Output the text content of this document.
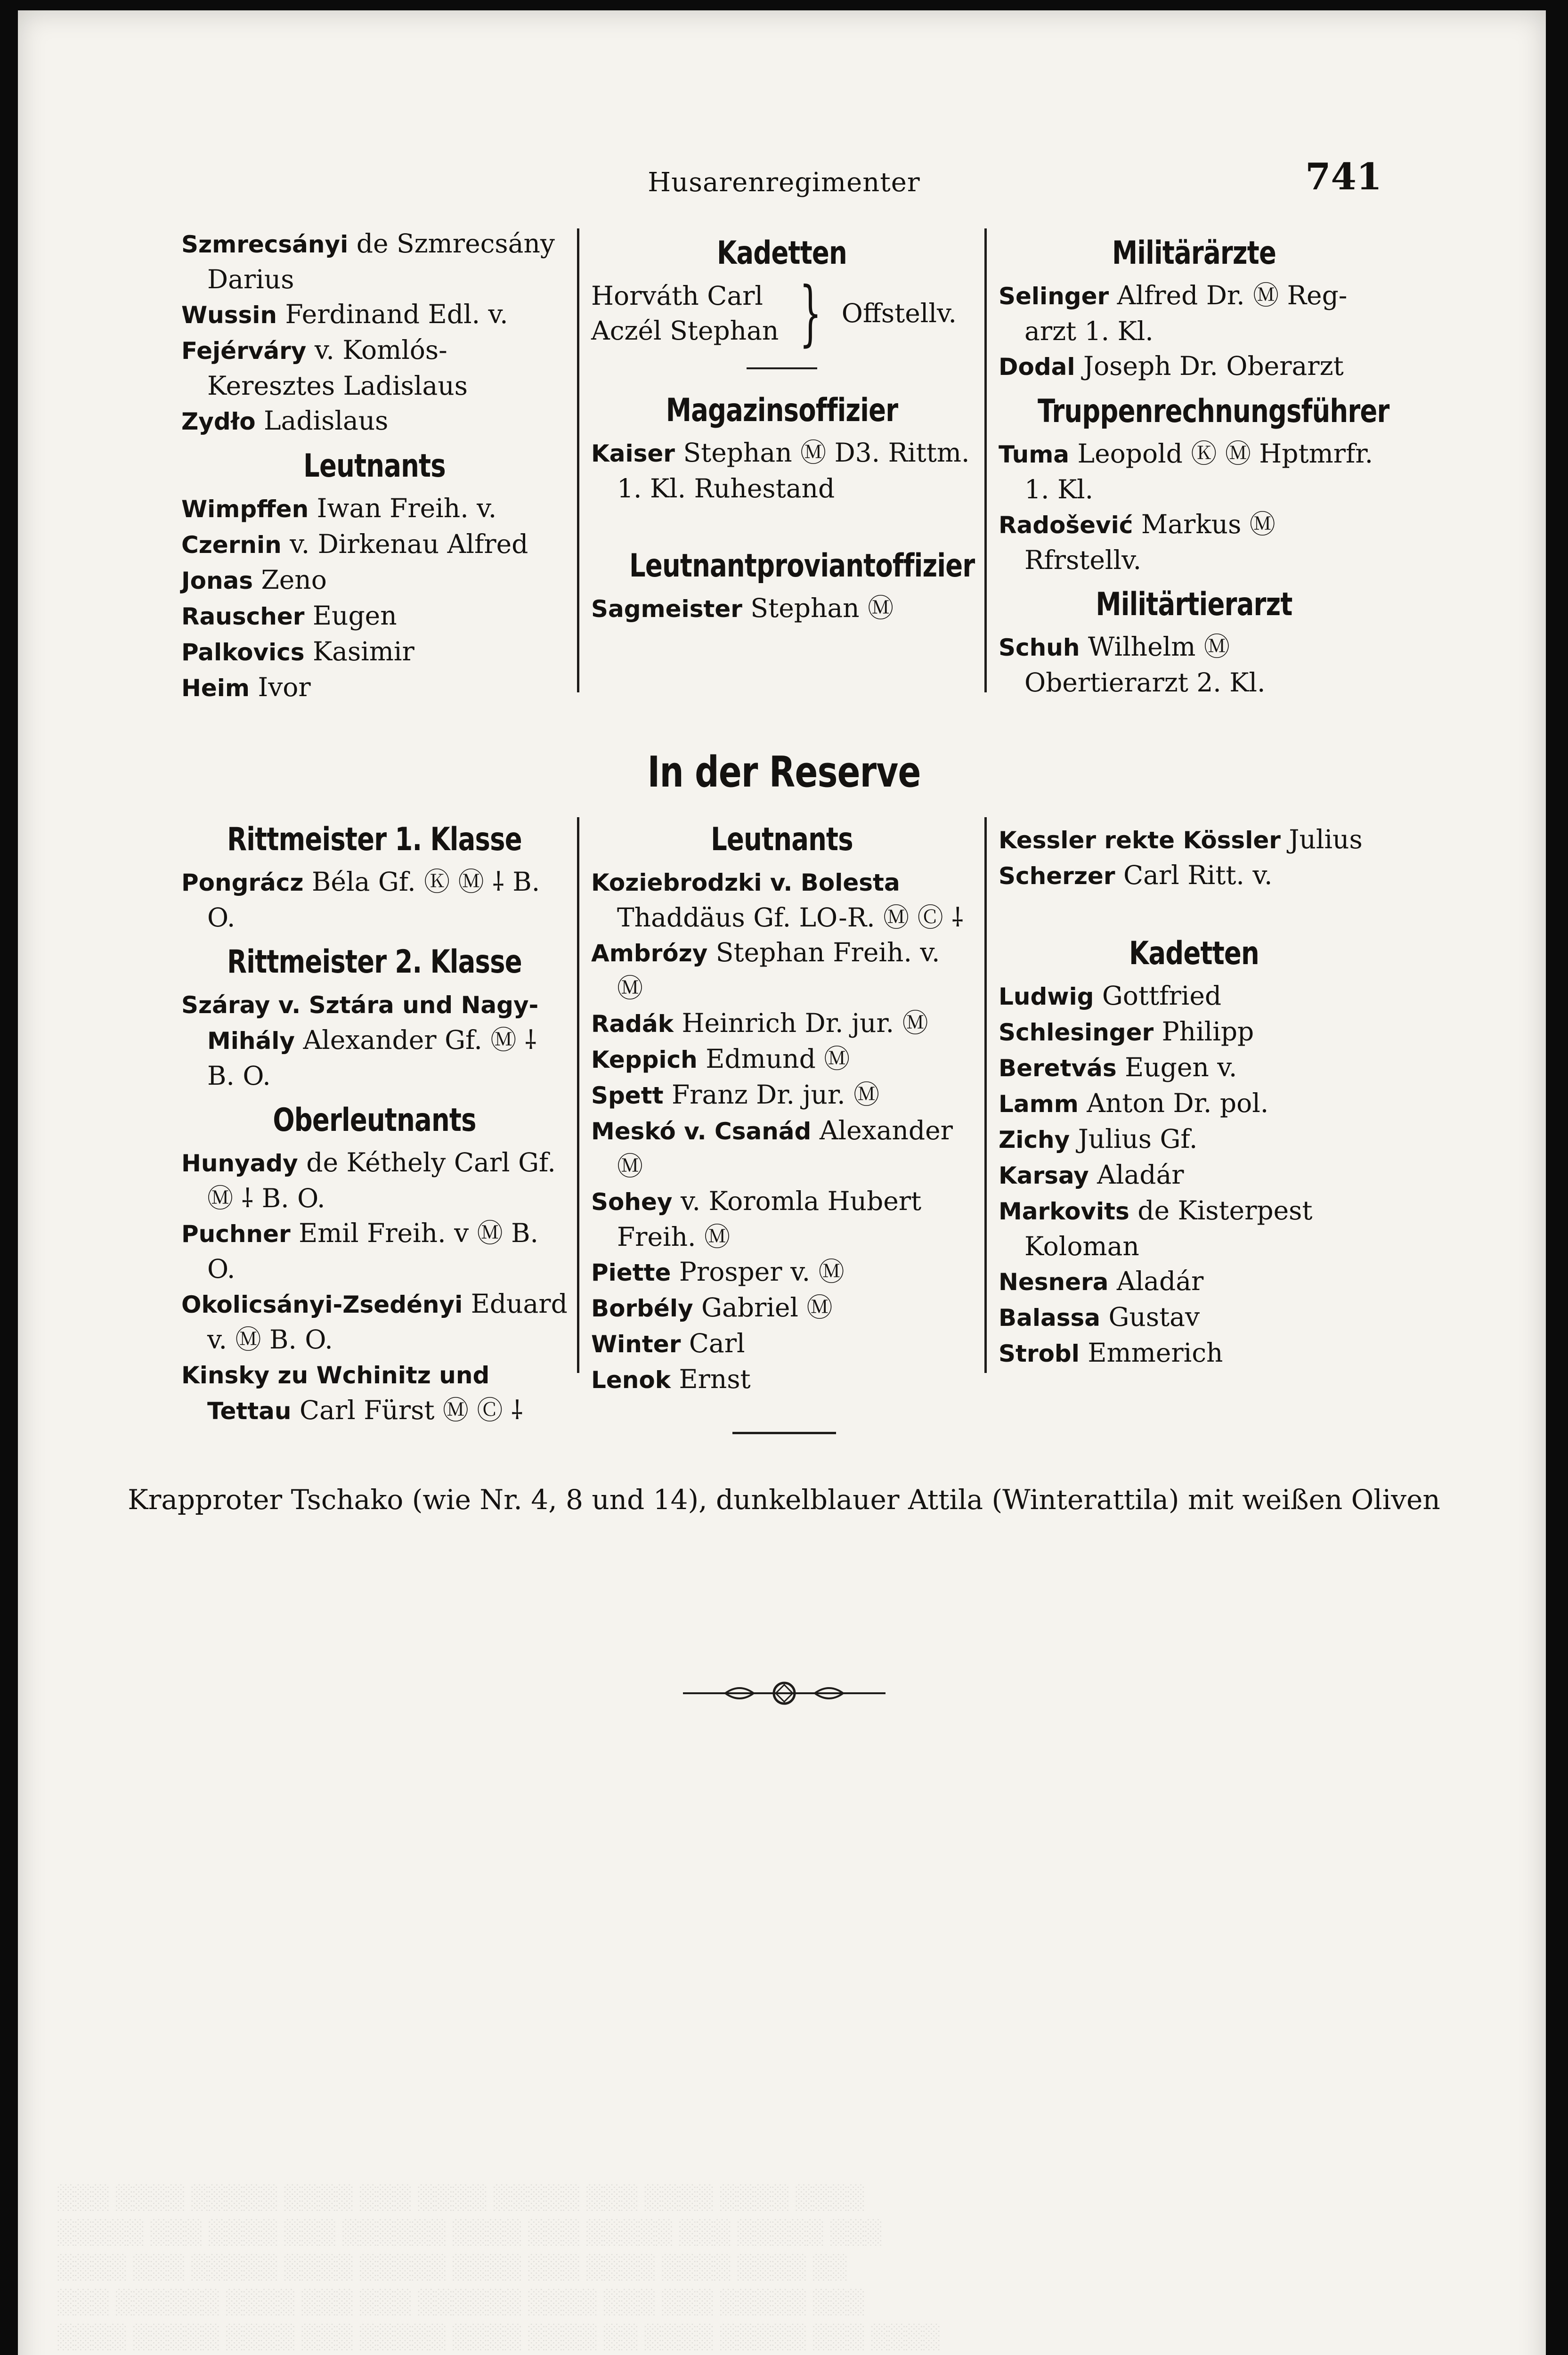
░░░░ ░░░░░ ░░░░ ░░░ ░░░░░ ░░░░ ░░░░ ░░ ░░░░ ░░░░░ ░░░ ░░░░
░░░ ░░░░░░ ░░░░ ░░░ ░░░ ░░░░░░ ░░░░ ░░░ ░░░ ░░░░░ ░░░
░░░░ ░░░ ░░░░░ ░░░░ ░░░░░ ░░░░ ░░░ ░░░░ ░░░░ ░░░░ ░░
░░░░░ ░░░ ░░░░ ░░░ ░░░░░░ ░░░░ ░░░ ░░░░░ ░░░ ░░░░░ ░░░
░░░ ░░░░ ░░░░░ ░░░░ ░░░ ░░░░ ░░░░░ ░░░ ░░░░ ░░░░ ░░░░
Husarenregimenter	741

Szmrecsányi de Szmrecsány Darius

Wussin Ferdinand Edl. v.

Fejérváry v. Komlós-Keresztes Ladislaus

Zydło Ladislaus

Leutnants

Wimpffen Iwan Freih. v.

Czernin v. Dirkenau Alfred

Jonas Zeno

Rauscher Eugen

Palkovics Kasimir

Heim Ivor

Kadetten

Horváth Carl

Aczél Stephan } Offstellv.
Magazinsoffizier

Kaiser Stephan Ⓜ D3. Rittm. 1. Kl. Ruhestand

Leutnantproviantoffizier

Sagmeister Stephan Ⓜ

Militärärzte

Selinger Alfred Dr. Ⓜ Reg-arzt 1. Kl.

Dodal Joseph Dr. Oberarzt

Truppenrechnungsführer

Tuma Leopold Ⓚ Ⓜ Hptmrfr. 1. Kl.

Radošević Markus Ⓜ Rfrstellv.

Militärtierarzt

Schuh Wilhelm Ⓜ Obertierarzt 2. Kl.

In der Reserve
Rittmeister 1. Klasse

Pongrácz Béla Gf. Ⓚ Ⓜ ⸸ B. O.

Rittmeister 2. Klasse

Száray v. Sztára und Nagy-Mihály Alexander Gf. Ⓜ ⸸ B. O.

Oberleutnants

Hunyady de Kéthely Carl Gf. Ⓜ ⸸ B. O.

Puchner Emil Freih. v Ⓜ B. O.

Okolicsányi-Zsedényi Eduard v. Ⓜ B. O.

Kinsky zu Wchinitz und Tettau Carl Fürst Ⓜ Ⓒ ⸸

Leutnants

Koziebrodzki v. Bolesta Thaddäus Gf. LO-R. Ⓜ Ⓒ ⸸

Ambrózy Stephan Freih. v. Ⓜ

Radák Heinrich Dr. jur. Ⓜ

Keppich Edmund Ⓜ

Spett Franz Dr. jur. Ⓜ

Meskó v. Csanád Alexander Ⓜ

Sohey v. Koromla Hubert Freih. Ⓜ

Piette Prosper v. Ⓜ

Borbély Gabriel Ⓜ

Winter Carl

Lenok Ernst

Kessler rekte Kössler Julius

Scherzer Carl Ritt. v.

Kadetten

Ludwig Gottfried

Schlesinger Philipp

Beretvás Eugen v.

Lamm Anton Dr. pol.

Zichy Julius Gf.

Karsay Aladár

Markovits de Kisterpest Koloman

Nesnera Aladár

Balassa Gustav

Strobl Emmerich

Krapproter Tschako (wie Nr. 4, 8 und 14), dunkelblauer Attila (Winterattila) mit weißen Oliven
